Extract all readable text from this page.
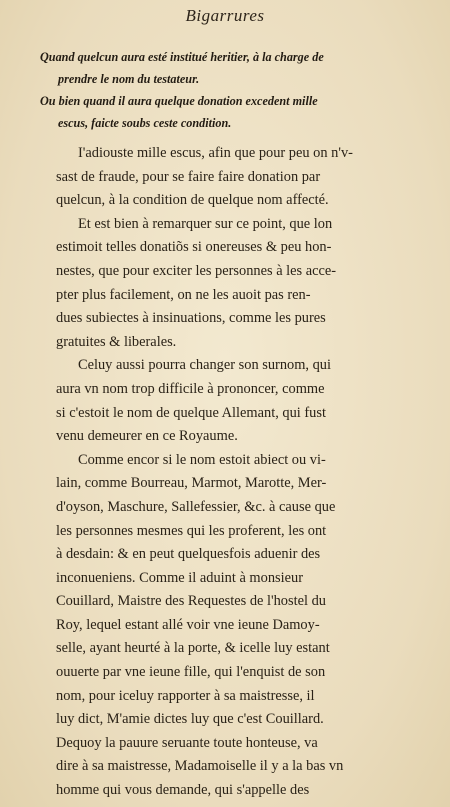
Bigarrures
Quand quelcun aura esté institué heritier, à la charge de
prendre le nom du testateur.
Ou bien quand il aura quelque donation excedent mille
escus, faicte soubs ceste condition.
I'adiouste mille escus, afin que pour peu on n'v-
sast de fraude, pour se faire faire donation par
quelcun, à la condition de quelque nom affecté.
Et est bien à remarquer sur ce point, que lon
estimoit telles donatiõs si onereuses & peu hon-
nestes, que pour exciter les personnes à les acce-
pter plus facilement, on ne les auoit pas ren-
dues subiectes à insinuations, comme les pures
gratuites & liberales.
Celuy aussi pourra changer son surnom, qui
aura vn nom trop difficile à prononcer, comme
si c'estoit le nom de quelque Allemant, qui fust
venu demeurer en ce Royaume.
Comme encor si le nom estoit abiect ou vi-
lain, comme Bourreau, Marmot, Marotte, Mer-
d'oyson, Maschure, Sallefessier, &c. à cause que
les personnes mesmes qui les proferent, les ont
à desdain: & en peut quelquesfois aduenir des
inconueniens. Comme il aduint à monsieur
Couillard, Maistre des Requestes de l'hostel du
Roy, lequel estant allé voir vne ieune Damoy-
selle, ayant heurté à la porte, & icelle luy estant
ouuerte par vne ieune fille, qui l'enquist de son
nom, pour iceluy rapporter à sa maistresse, il
luy dict, M'amie dictes luy que c'est Couillard.
Dequoy la pauure seruante toute honteuse, va
dire à sa maistresse, Madamoiselle il y a la bas vn
homme qui vous demande, qui s'appelle des
